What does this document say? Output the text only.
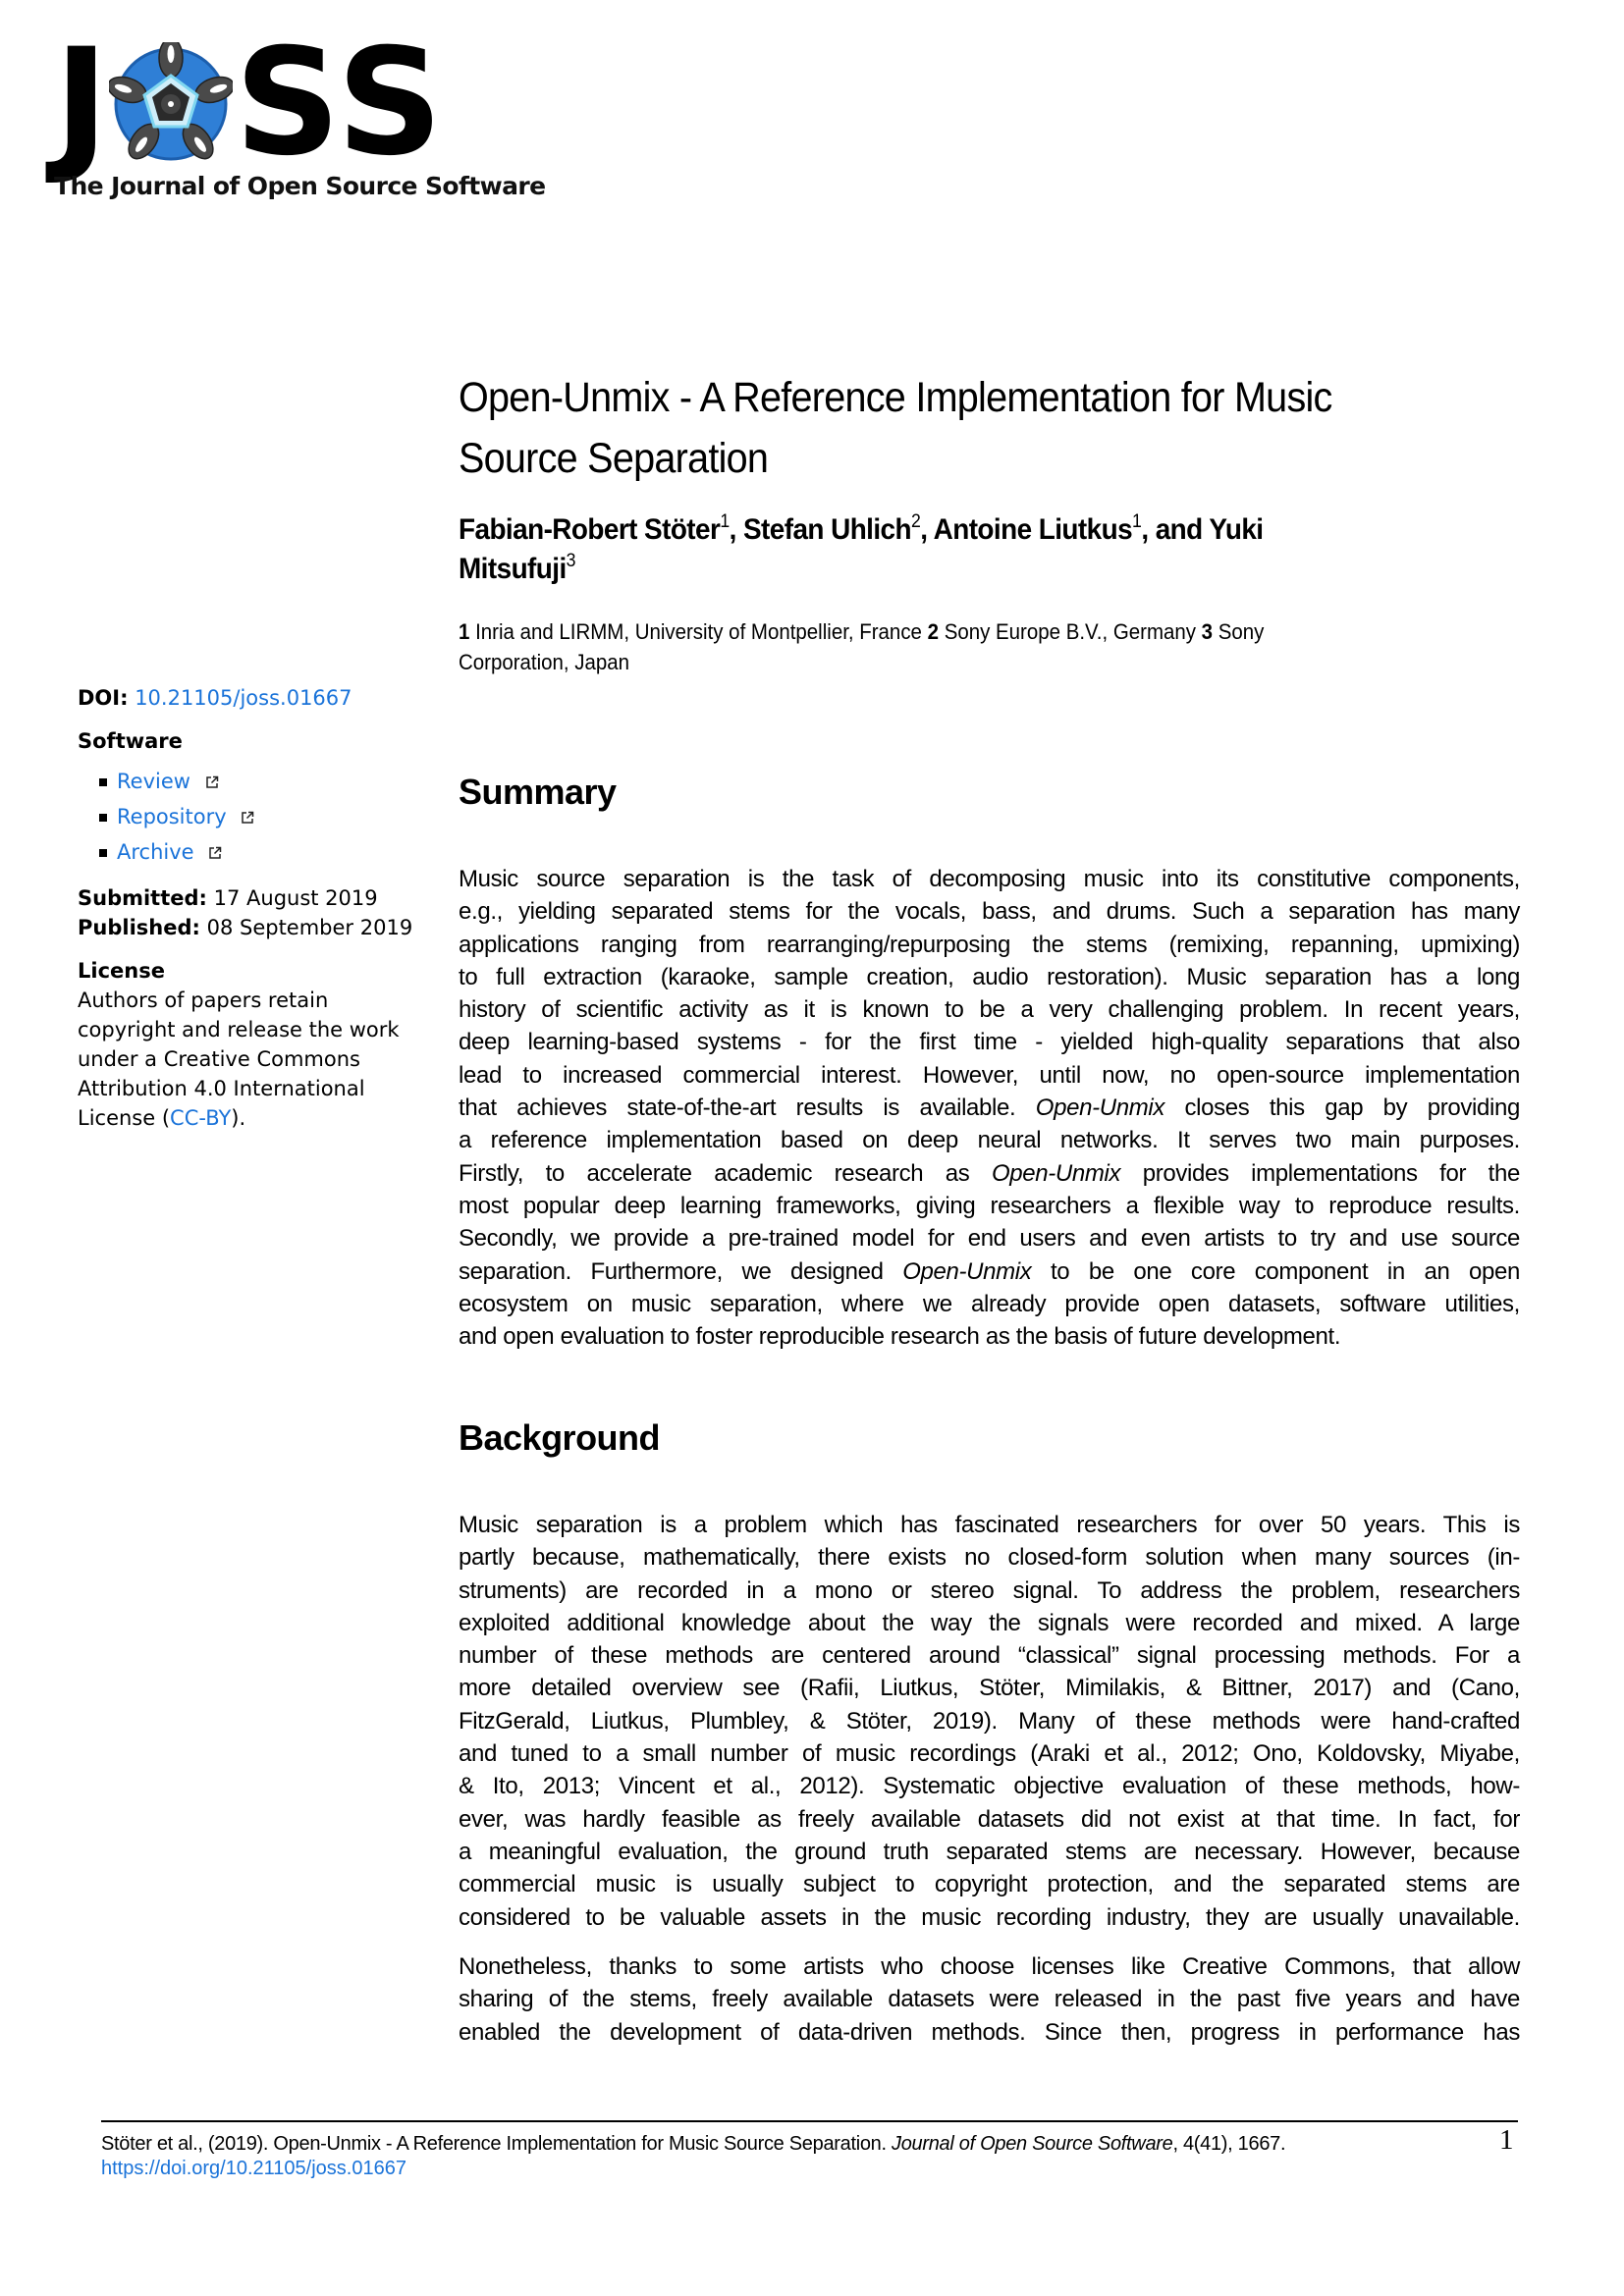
J S S
The Journal of Open Source Software
DOI: 10.21105/joss.01667
Software
Review
Repository
Archive
Submitted: 17 August 2019
Published: 08 September 2019
License
Authors of papers retain
copyright and release the work
under a Creative Commons
Attribution 4.0 International
License (CC-BY).
Open-Unmix - A Reference Implementation for Music
Source Separation
Fabian-Robert Stöter$^1$, Stefan Uhlich$^2$, Antoine Liutkus$^1$, and Yuki
Mitsufuji$^3$
1 Inria and LIRMM, University of Montpellier, France 2 Sony Europe B.V., Germany 3 Sony
Corporation, Japan
Summary
Music source separation is the task of decomposing music into its constitutive components,
e.g., yielding separated stems for the vocals, bass, and drums. Such a separation has many
applications ranging from rearranging/repurposing the stems (remixing, repanning, upmixing)
to full extraction (karaoke, sample creation, audio restoration). Music separation has a long
history of scientific activity as it is known to be a very challenging problem. In recent years,
deep learning-based systems - for the first time - yielded high-quality separations that also
lead to increased commercial interest. However, until now, no open-source implementation
that achieves state-of-the-art results is available. Open-Unmix closes this gap by providing
a reference implementation based on deep neural networks. It serves two main purposes.
Firstly, to accelerate academic research as Open-Unmix provides implementations for the
most popular deep learning frameworks, giving researchers a flexible way to reproduce results.
Secondly, we provide a pre-trained model for end users and even artists to try and use source
separation. Furthermore, we designed Open-Unmix to be one core component in an open
ecosystem on music separation, where we already provide open datasets, software utilities,
and open evaluation to foster reproducible research as the basis of future development.
Background
Music separation is a problem which has fascinated researchers for over 50 years. This is
partly because, mathematically, there exists no closed-form solution when many sources (in-
struments) are recorded in a mono or stereo signal. To address the problem, researchers
exploited additional knowledge about the way the signals were recorded and mixed. A large
number of these methods are centered around “classical” signal processing methods. For a
more detailed overview see (Rafii, Liutkus, Stöter, Mimilakis, & Bittner, 2017) and (Cano,
FitzGerald, Liutkus, Plumbley, & Stöter, 2019). Many of these methods were hand-crafted
and tuned to a small number of music recordings (Araki et al., 2012; Ono, Koldovsky, Miyabe,
& Ito, 2013; Vincent et al., 2012). Systematic objective evaluation of these methods, how-
ever, was hardly feasible as freely available datasets did not exist at that time. In fact, for
a meaningful evaluation, the ground truth separated stems are necessary. However, because
commercial music is usually subject to copyright protection, and the separated stems are
considered to be valuable assets in the music recording industry, they are usually unavailable.
Nonetheless, thanks to some artists who choose licenses like Creative Commons, that allow
sharing of the stems, freely available datasets were released in the past five years and have
enabled the development of data-driven methods. Since then, progress in performance has
Stöter et al., (2019). Open-Unmix - A Reference Implementation for Music Source Separation. Journal of Open Source Software, 4(41), 1667.	1
https://doi.org/10.21105/joss.01667
